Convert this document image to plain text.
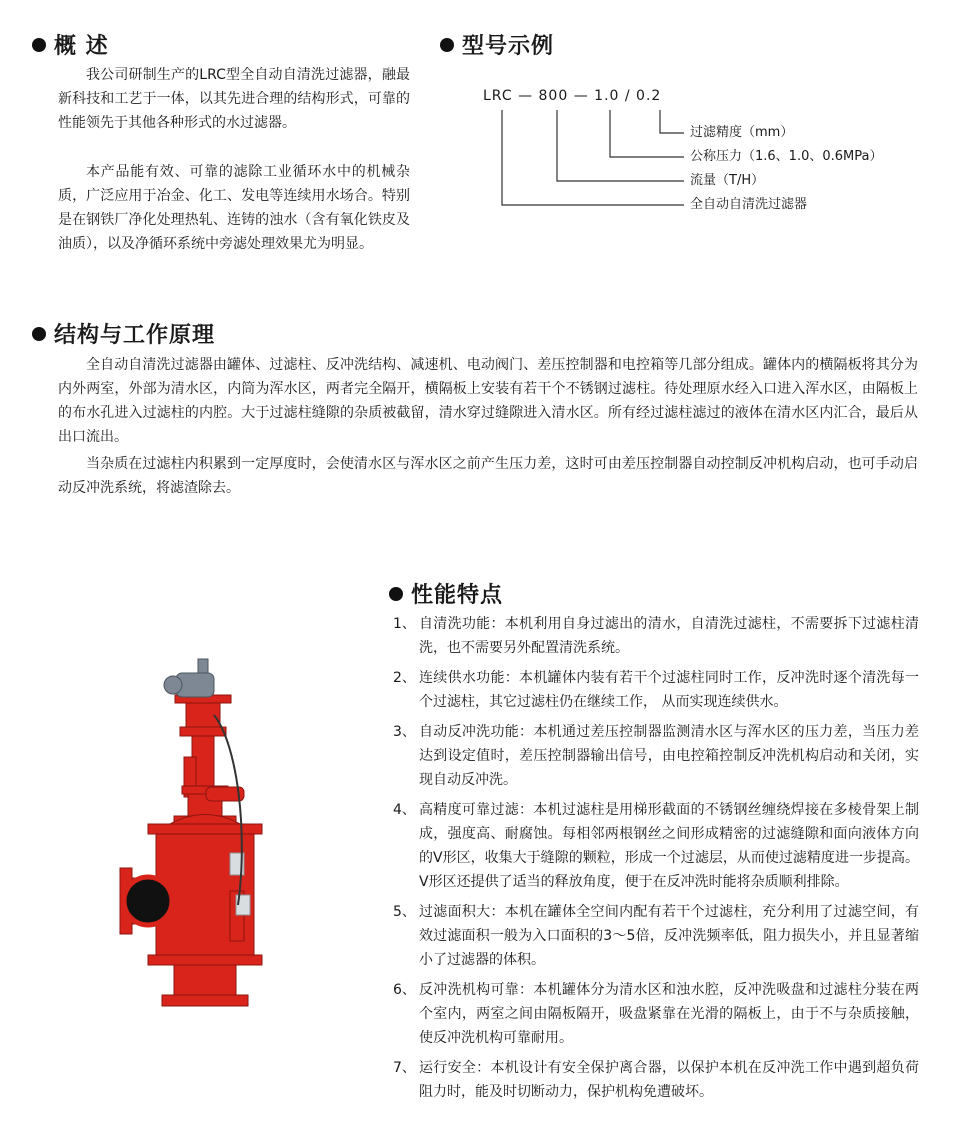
概 述

我公司研制生产的LRC型全自动自清洗过滤器，融最新科技和工艺于一体，以其先进合理的结构形式，可靠的性能领先于其他各种形式的水过滤器。

本产品能有效、可靠的滤除工业循环水中的机械杂质，广泛应用于冶金、化工、发电等连续用水场合。特别是在钢铁厂净化处理热轧、连铸的浊水（含有氧化铁皮及油质），以及净循环系统中旁滤处理效果尤为明显。

型号示例
LRC — 800 — 1.0 / 0.2
过滤精度（mm）
公称压力（1.6、1.0、0.6MPa）
流量（T/H）
全自动自清洗过滤器
结构与工作原理

全自动自清洗过滤器由罐体、过滤柱、反冲洗结构、减速机、电动阀门、差压控制器和电控箱等几部分组成。罐体内的横隔板将其分为内外两室，外部为清水区，内筒为浑水区，两者完全隔开，横隔板上安装有若干个不锈钢过滤柱。待处理原水经入口进入浑水区，由隔板上的布水孔进入过滤柱的内腔。大于过滤柱缝隙的杂质被截留，清水穿过缝隙进入清水区。所有经过滤柱滤过的液体在清水区内汇合，最后从出口流出。

当杂质在过滤柱内积累到一定厚度时，会使清水区与浑水区之前产生压力差，这时可由差压控制器自动控制反冲机构启动，也可手动启动反冲洗系统，将滤渣除去。

性能特点
1、 自清洗功能：本机利用自身过滤出的清水，自清洗过滤柱，不需要拆下过滤柱清洗，也不需要另外配置清洗系统。
2、 连续供水功能：本机罐体内装有若干个过滤柱同时工作，反冲洗时逐个清洗每一个过滤柱，其它过滤柱仍在继续工作， 从而实现连续供水。
3、 自动反冲洗功能：本机通过差压控制器监测清水区与浑水区的压力差，当压力差达到设定值时，差压控制器输出信号，由电控箱控制反冲洗机构启动和关闭，实现自动反冲洗。
4、 高精度可靠过滤：本机过滤柱是用梯形截面的不锈钢丝缠绕焊接在多棱骨架上制成，强度高、耐腐蚀。每相邻两根钢丝之间形成精密的过滤缝隙和面向液体方向的V形区，收集大于缝隙的颗粒，形成一个过滤层，从而使过滤精度进一步提高。V形区还提供了适当的释放角度，便于在反冲洗时能将杂质顺利排除。
5、 过滤面积大：本机在罐体全空间内配有若干个过滤柱，充分利用了过滤空间，有效过滤面积一般为入口面积的3～5倍，反冲洗频率低，阻力损失小，并且显著缩小了过滤器的体积。
6、 反冲洗机构可靠：本机罐体分为清水区和浊水腔，反冲洗吸盘和过滤柱分装在两个室内，两室之间由隔板隔开，吸盘紧靠在光滑的隔板上，由于不与杂质接触，使反冲洗机构可靠耐用。
7、 运行安全：本机设计有安全保护离合器，以保护本机在反冲洗工作中遇到超负荷阻力时，能及时切断动力，保护机构免遭破坏。
